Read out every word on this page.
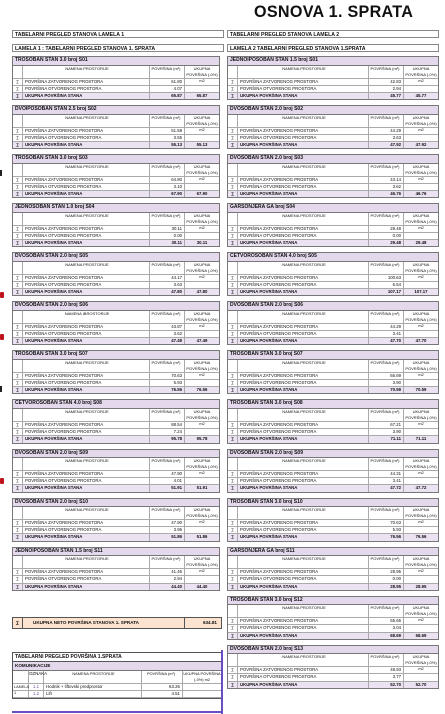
OSNOVA 1. SPRATA
TABELARNI PREGLED STANOVA LAMELA 1
LAMELA 1 : TABELARNI PREGLED STANOVA 1. SPRATA
TABELARNI PREGLED STANOVA LAMELA 2
LAMELA 2 TABELARNI PREGLED STANOVA 1.SPRATA
TROSOBAN STAN 3.0 broj S01
NAMENA PROSTORIJE	POVRŠINA (m²)	UKUPNA POVRŠINA (-0%) m2
∑	POVRŠINA ZATVORENOG PROSTORA	61.80
∑	POVRŠINA OTVORENOG PROSTORA	4.07
∑	UKUPNA POVRŠINA STANA	65.87	65.87
DVOIPOSOBAN STAN 2.5 broj S02
NAMENA PROSTORIJE	POVRŠINA (m²)	UKUPNA POVRŠINA (-0%) m2
∑	POVRŠINA ZATVORENOG PROSTORA	51.58
∑	POVRŠINA OTVORENOG PROSTORA	3.55
∑	UKUPNA POVRŠINA STANA	55.13	55.13
TROSOBAN STAN 3.0 broj S03
NAMENA PROSTORIJE	POVRŠINA (m²)	UKUPNA POVRŠINA (-0%) m2
∑	POVRŠINA ZATVORENOG PROSTORA	64.80
∑	POVRŠINA OTVORENOG PROSTORA	3.10
∑	UKUPNA POVRŠINA STANA	67.90	67.90
JEDNOSOBAN STAN 1.0 broj S04
NAMENA PROSTORIJE	POVRŠINA (m²)	UKUPNA POVRŠINA (-0%) m2
∑	POVRŠINA ZATVORENOG PROSTORA	30.11
∑	POVRŠINA OTVORENOG PROSTORA	0.00
∑	UKUPNA POVRŠINA STANA	30.11	30.11
DVOSOBAN STAN 2.0 broj S05
NAMENA PROSTORIJE	POVRŠINA (m²)	UKUPNA POVRŠINA (-0%) m2
∑	POVRŠINA ZATVORENOG PROSTORA	44.17
∑	POVRŠINA OTVORENOG PROSTORA	3.63
∑	UKUPNA POVRŠINA STANA	47.80	47.80
DVOSOBAN STAN 2.0 broj S06
NAMENA IBROSTORIJE	POVRŠINA (m²)	UKUPNA POVRŠINA (-0%) m2
∑	POVRŠINA ZATVORENOG PROSTORA	43.87
∑	POVRŠINA OTVORENOG PROSTORA	3.62
∑	UKUPNA POVRŠINA STANA	47.49	47.49
TROSOBAN STAN 3.0 broj S07
NAMENA PROSTORIJE	POVRŠINA (m²)	UKUPNA POVRŠINA (-0%) m2
∑	POVRŠINA ZATVORENOG PROSTORA	70.63
∑	POVRŠINA OTVORENOG PROSTORA	5.93
∑	UKUPNA POVRŠINA STANA	76.56	76.56
ČETVOROSOBAN STAN 4.0 broj S08
NAMENA PROSTORIJE	POVRŠINA (m²)	UKUPNA POVRŠINA (-0%) m2
∑	POVRŠINA ZATVORENOG PROSTORA	88.54
∑	POVRŠINA OTVORENOG PROSTORA	7.24
∑	UKUPNA POVRŠINA STANA	95.78	95.78
DVOSOBAN STAN 2.0 broj S09
NAMENA PROSTORIJE	POVRŠINA (m²)	UKUPNA POVRŠINA (-0%) m2
∑	POVRŠINA ZATVORENOG PROSTORA	47.90
∑	POVRŠINA OTVORENOG PROSTORA	4.01
∑	UKUPNA POVRŠINA STANA	51.91	51.91
DVOSOBAN STAN 2.0 broj S10
NAMENA PROSTORIJE	POVRŠINA (m²)	UKUPNA POVRŠINA (-0%) m2
∑	POVRŠINA ZATVORENOG PROSTORA	47.90
∑	POVRŠINA OTVORENOG PROSTORA	3.96
∑	UKUPNA POVRŠINA STANA	51.86	51.86
JEDNOIPOSOBAN STAN 1.5 broj S11
NAMENA PROSTORIJE	POVRŠINA (m²)	UKUPNA POVRŠINA (-0%) m2
∑	POVRŠINA ZATVORENOG PROSTORA	41.46
∑	POVRŠINA OTVORENOG PROSTORA	2.94
∑	UKUPNA POVRŠINA STANA	44.40	44.40
JEDNOIPOSOBAN STAN 1.5 broj S01
NAMENA PROSTORIJE	POVRŠINA (m²)	UKUPNA POVRŠINA (-0%) m2
∑	POVRŠINA ZATVORENOG PROSTORA	42.83
∑	POVRŠINA OTVORENOG PROSTORA	2.94
∑	UKUPNA POVRŠINA STANA	45.77	45.77
DVOSOBAN STAN 2.0 broj S02
NAMENA PROSTORIJE	POVRŠINA (m²)	UKUPNA POVRŠINA (-0%) m2
∑	POVRŠINA ZATVORENOG PROSTORA	44.29
∑	POVRŠINA OTVORENOG PROSTORA	3.63
∑	UKUPNA POVRŠINA STANA	47.92	47.92
DVOSOBAN STAN 2.0 broj S03
NAMENA PROSTORIJE	POVRŠINA (m²)	UKUPNA POVRŠINA (-0%) m2
∑	POVRŠINA ZATVORENOG PROSTORA	43.14
∑	POVRŠINA OTVORENOG PROSTORA	3.62
∑	UKUPNA POVRŠINA STANA	46.76	46.76
GARSONJERA GA broj S04
NAMENA PROSTORIJE	POVRŠINA (m²)	UKUPNA POVRŠINA (-0%) m2
∑	POVRŠINA ZATVORENOG PROSTORA	29.48
∑	POVRŠINA OTVORENOG PROSTORA	0.00
∑	UKUPNA POVRŠINA STANA	29.48	29.48
ČETVOROSOBAN STAN 4.0 broj S05
NAMENA PROSTORIJE	POVRŠINA (m²)	UKUPNA POVRŠINA (-0%) m2
∑	POVRŠINA ZATVORENOG PROSTORA	100.63
∑	POVRŠINA OTVORENOG PROSTORA	6.54
∑	UKUPNA POVRŠINA STANA	107.17	107.17
DVOSOBAN STAN 2.0 broj S06
NAMENA PROSTORIJE	POVRŠINA (m²)	UKUPNA POVRŠINA (-0%) m2
∑	POVRŠINA ZATVORENOG PROSTORA	44.29
∑	POVRŠINA OTVORENOG PROSTORA	3.41
∑	UKUPNA POVRŠINA STANA	47.70	47.70
TROSOBAN STAN 3.0 broj S07
NAMENA PROSTORIJE	POVRŠINA (m²)	UKUPNA POVRŠINA (-0%) m2
∑	POVRŠINA ZATVORENOG PROSTORA	66.69
∑	POVRŠINA OTVORENOG PROSTORA	3.90
∑	UKUPNA POVRŠINA STANA	70.59	70.59
TROSOBAN STAN 3.0 broj S08
NAMENA PROSTORIJE	POVRŠINA (m²)	UKUPNA POVRŠINA (-0%) m2
∑	POVRŠINA ZATVORENOG PROSTORA	67.21
∑	POVRŠINA OTVORENOG PROSTORA	3.90
∑	UKUPNA POVRŠINA STANA	71.11	71.11
DVOSOBAN STAN 2.0 broj S09
NAMENA PROSTORIJE	POVRŠINA (m²)	UKUPNA POVRŠINA (-0%) m2
∑	POVRŠINA ZATVORENOG PROSTORA	44.31
∑	POVRŠINA OTVORENOG PROSTORA	3.41
∑	UKUPNA POVRŠINA STANA	47.72	47.72
TROSOBAN STAN 3.0 broj S10
NAMENA PROSTORIJE	POVRŠINA (m²)	UKUPNA POVRŠINA (-0%) m2
∑	POVRŠINA ZATVORENOG PROSTORA	70.63
∑	POVRŠINA OTVORENOG PROSTORA	5.93
∑	UKUPNA POVRŠINA STANA	76.56	76.56
GARSONJERA GA broj S11
NAMENA PROSTORIJE	POVRŠINA (m²)	UKUPNA POVRŠINA (-0%) m2
∑	POVRŠINA ZATVORENOG PROSTORA	28.95
∑	POVRŠINA OTVORENOG PROSTORA	0.00
∑	UKUPNA POVRŠINA STANA	28.95	28.95
TROSOBAN STAN 3.0 broj S12
NAMENA PROSTORIJE	POVRŠINA (m²)	UKUPNA POVRŠINA (-0%) m2
∑	POVRŠINA ZATVORENOG PROSTORA	65.65
∑	POVRŠINA OTVORENOG PROSTORA	3.04
∑	UKUPNA POVRŠINA STANA	68.69	68.69
DVOSOBAN STAN 2.0 broj S13
NAMENA PROSTORIJE	POVRŠINA (m²)	UKUPNA POVRŠINA (-0%) m2
∑	POVRŠINA ZATVORENOG PROSTORA	48.93
∑	POVRŠINA OTVORENOG PROSTORA	3.77
∑	UKUPNA POVRŠINA STANA	52.70	52.70
∑	UKUPNA NETO POVRŠINA STANOVA 1. SPRATA	634.81
TABELARNI PREGLED POVRŠINA 1.SPRATA
KOMUNIKACIJE
OZNAKA	NAMENA PROSTORIJE	POVRŠINA (m²)	UKUPNA POVRŠINA (-0%) m2
LAMELA 1
1.1	Hodnik + liftovski predprostor	63.26
1.2	Lift	4.51
